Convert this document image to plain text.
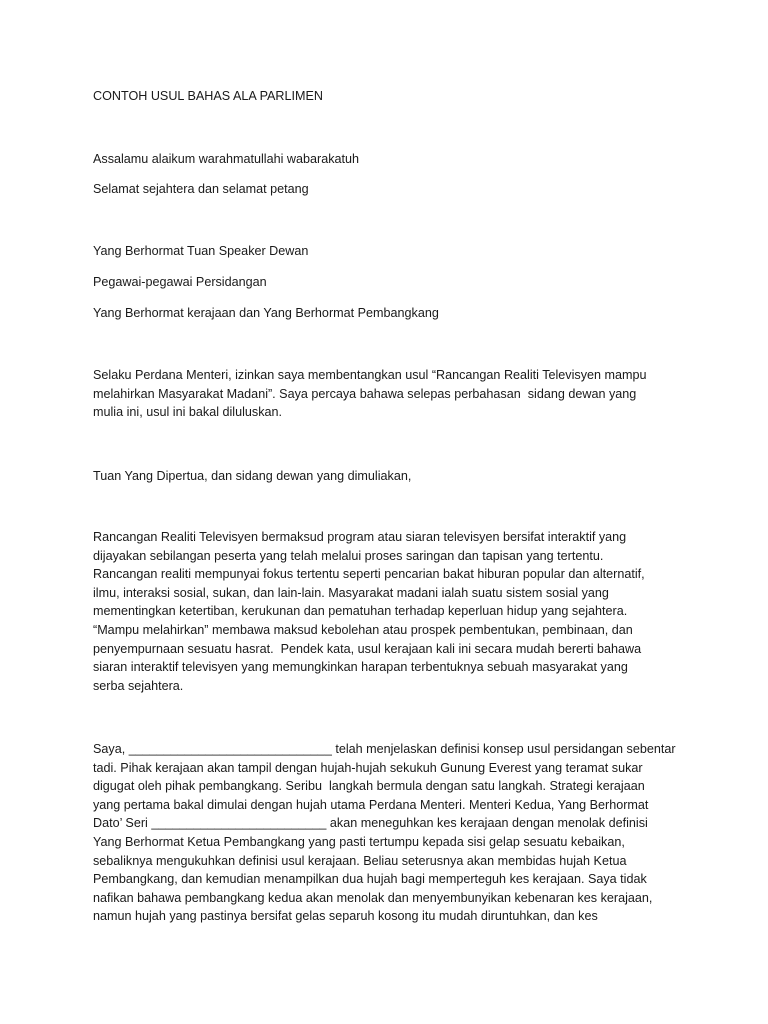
CONTOH USUL BAHAS ALA PARLIMEN

Assalamu alaikum warahmatullahi wabarakatuh

Selamat sejahtera dan selamat petang

Yang Berhormat Tuan Speaker Dewan

Pegawai-pegawai Persidangan

Yang Berhormat kerajaan dan Yang Berhormat Pembangkang

Selaku Perdana Menteri, izinkan saya membentangkan usul “Rancangan Realiti Televisyen mampu
melahirkan Masyarakat Madani”. Saya percaya bahawa selepas perbahasan  sidang dewan yang
mulia ini, usul ini bakal diluluskan.

Tuan Yang Dipertua, dan sidang dewan yang dimuliakan,

Rancangan Realiti Televisyen bermaksud program atau siaran televisyen bersifat interaktif yang
dijayakan sebilangan peserta yang telah melalui proses saringan dan tapisan yang tertentu.
Rancangan realiti mempunyai fokus tertentu seperti pencarian bakat hiburan popular dan alternatif,
ilmu, interaksi sosial, sukan, dan lain-lain. Masyarakat madani ialah suatu sistem sosial yang
mementingkan ketertiban, kerukunan dan pematuhan terhadap keperluan hidup yang sejahtera.
“Mampu melahirkan” membawa maksud kebolehan atau prospek pembentukan, pembinaan, dan
penyempurnaan sesuatu hasrat.  Pendek kata, usul kerajaan kali ini secara mudah bererti bahawa
siaran interaktif televisyen yang memungkinkan harapan terbentuknya sebuah masyarakat yang
serba sejahtera.

Saya, _____________________________ telah menjelaskan definisi konsep usul persidangan sebentar
tadi. Pihak kerajaan akan tampil dengan hujah-hujah sekukuh Gunung Everest yang teramat sukar
digugat oleh pihak pembangkang. Seribu  langkah bermula dengan satu langkah. Strategi kerajaan
yang pertama bakal dimulai dengan hujah utama Perdana Menteri. Menteri Kedua, Yang Berhormat
Dato’ Seri _________________________ akan meneguhkan kes kerajaan dengan menolak definisi
Yang Berhormat Ketua Pembangkang yang pasti tertumpu kepada sisi gelap sesuatu kebaikan,
sebaliknya mengukuhkan definisi usul kerajaan. Beliau seterusnya akan membidas hujah Ketua
Pembangkang, dan kemudian menampilkan dua hujah bagi memperteguh kes kerajaan. Saya tidak
nafikan bahawa pembangkang kedua akan menolak dan menyembunyikan kebenaran kes kerajaan,
namun hujah yang pastinya bersifat gelas separuh kosong itu mudah diruntuhkan, dan kes
